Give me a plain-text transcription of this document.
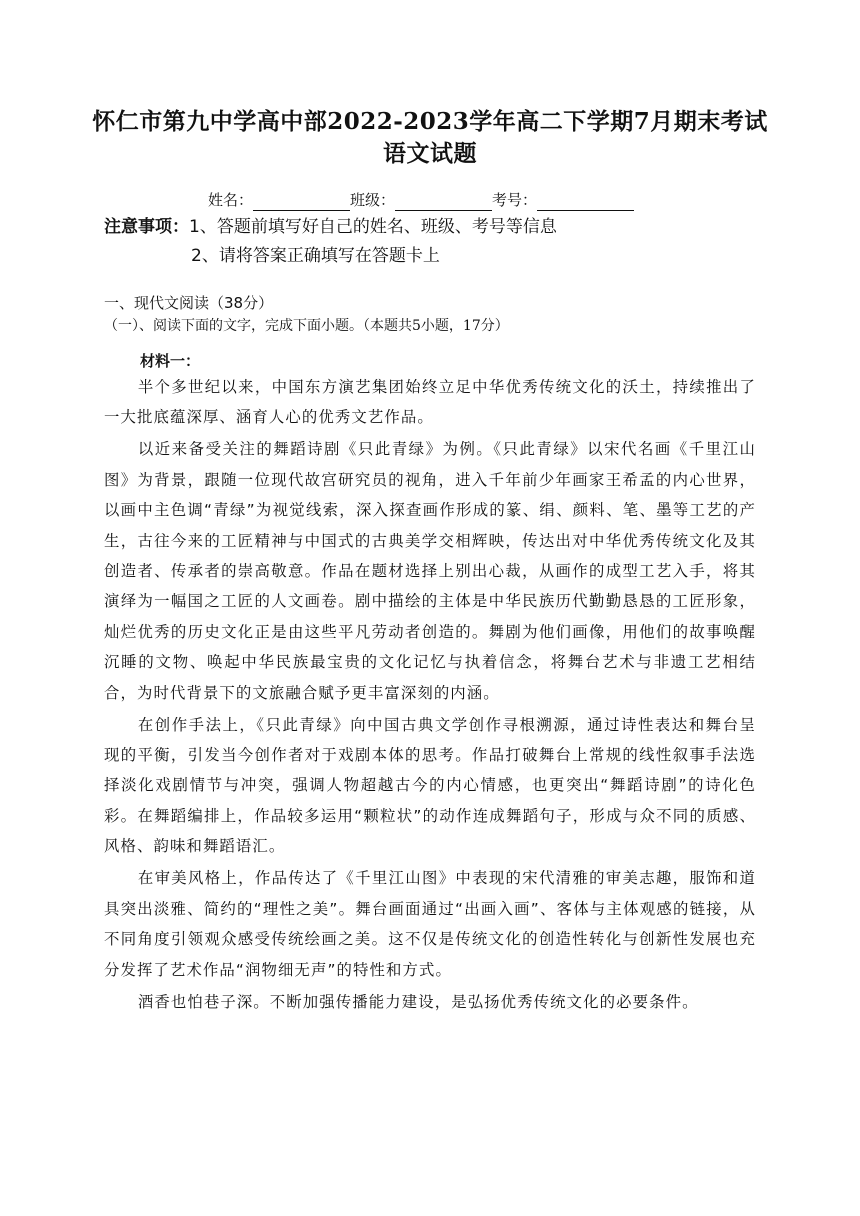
怀仁市第九中学高中部2022-2023学年高二下学期7月期末考试
语文试题
姓名：	班级：	考号：
注意事项：1、答题前填写好自己的姓名、班级、考号等信息
2、请将答案正确填写在答题卡上
一、现代文阅读（38分）
（一）、阅读下面的文字，完成下面小题。（本题共5小题，17分）
材料一：

半个多世纪以来，中国东方演艺集团始终立足中华优秀传统文化的沃土，持续推出了一大批底蕴深厚、涵育人心的优秀文艺作品。

以近来备受关注的舞蹈诗剧《只此青绿》为例。《只此青绿》以宋代名画《千里江山图》为背景，跟随一位现代故宫研究员的视角，进入千年前少年画家王希孟的内心世界，以画中主色调“青绿”为视觉线索，深入探查画作形成的篆、绢、颜料、笔、墨等工艺的产生，古往今来的工匠精神与中国式的古典美学交相辉映，传达出对中华优秀传统文化及其创造者、传承者的崇高敬意。作品在题材选择上别出心裁，从画作的成型工艺入手，将其演绎为一幅国之工匠的人文画卷。剧中描绘的主体是中华民族历代勤勤恳恳的工匠形象，灿烂优秀的历史文化正是由这些平凡劳动者创造的。舞剧为他们画像，用他们的故事唤醒沉睡的文物、唤起中华民族最宝贵的文化记忆与执着信念，将舞台艺术与非遗工艺相结合，为时代背景下的文旅融合赋予更丰富深刻的内涵。

在创作手法上，《只此青绿》向中国古典文学创作寻根溯源，通过诗性表达和舞台呈现的平衡，引发当今创作者对于戏剧本体的思考。作品打破舞台上常规的线性叙事手法选择淡化戏剧情节与冲突，强调人物超越古今的内心情感，也更突出“舞蹈诗剧”的诗化色彩。在舞蹈编排上，作品较多运用“颗粒状”的动作连成舞蹈句子，形成与众不同的质感、风格、韵味和舞蹈语汇。

在审美风格上，作品传达了《千里江山图》中表现的宋代清雅的审美志趣，服饰和道具突出淡雅、简约的“理性之美”。舞台画面通过“出画入画”、客体与主体观感的链接，从不同角度引领观众感受传统绘画之美。这不仅是传统文化的创造性转化与创新性发展也充分发挥了艺术作品“润物细无声”的特性和方式。

酒香也怕巷子深。不断加强传播能力建设，是弘扬优秀传统文化的必要条件。
